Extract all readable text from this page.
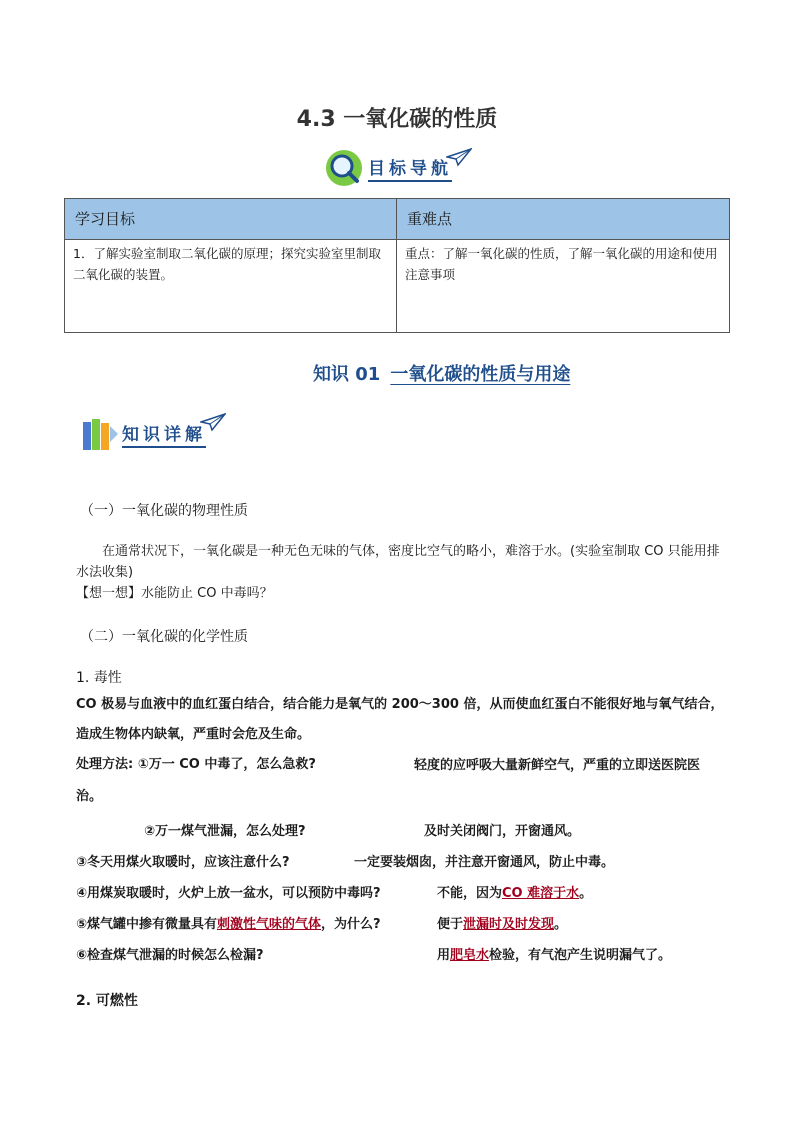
4.3 一氧化碳的性质
目标导航
学习目标	重难点
1．了解实验室制取二氧化碳的原理；探究实验室里制取二氧化碳的装置。	重点：了解一氧化碳的性质，了解一氧化碳的用途和使用注意事项
知识 01 一氧化碳的性质与用途
知识详解
（一）一氧化碳的物理性质
在通常状况下，一氧化碳是一种无色无味的气体，密度比空气的略小，难溶于水。(实验室制取 CO 只能用排水法收集)
【想一想】水能防止 CO 中毒吗？
（二）一氧化碳的化学性质
1. 毒性
CO 极易与血液中的血红蛋白结合，结合能力是氧气的 200～300 倍，从而使血红蛋白不能很好地与氧气结合，造成生物体内缺氧，严重时会危及生命。
处理方法: ①万一 CO 中毒了，怎么急救?	轻度的应呼吸大量新鲜空气，严重的立即送医院医
治。
②万一煤气泄漏，怎么处理?	及时关闭阀门，开窗通风。
③冬天用煤火取暖时，应该注意什么?	一定要装烟囱，并注意开窗通风，防止中毒。
④用煤炭取暖时，火炉上放一盆水，可以预防中毒吗?	不能，因为CO 难溶于水。
⑤煤气罐中掺有微量具有刺激性气味的气体，为什么?	便于泄漏时及时发现。
⑥检查煤气泄漏的时候怎么检漏?	用肥皂水检验，有气泡产生说明漏气了。
2. 可燃性
